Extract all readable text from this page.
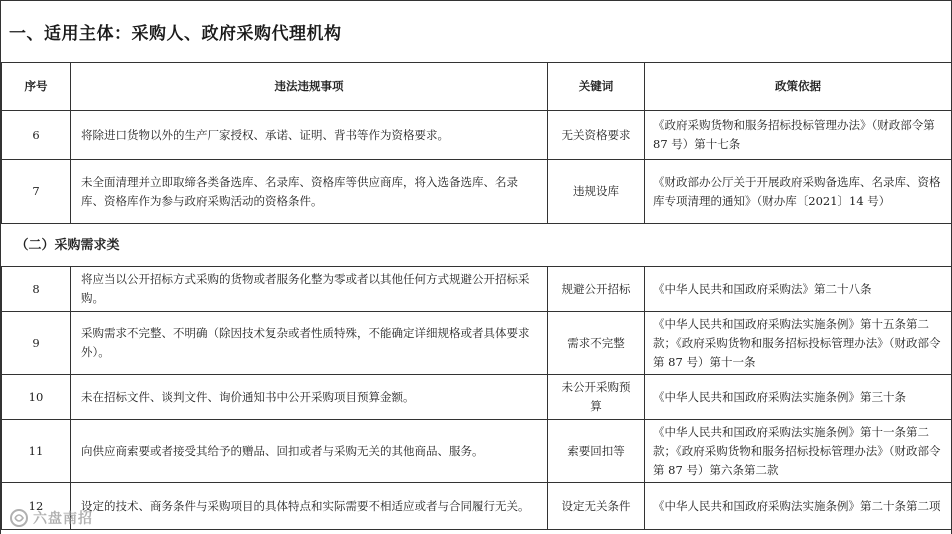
一、适用主体：采购人、政府采购代理机构
序号	违法违规事项	关键词	政策依据
6	将除进口货物以外的生产厂家授权、承诺、证明、背书等作为资格要求。	无关资格要求	《政府采购货物和服务招标投标管理办法》（财政部令第 87 号）第十七条
7	未全面清理并立即取缔各类备选库、名录库、资格库等供应商库，将入选备选库、名录库、资格库作为参与政府采购活动的资格条件。	违规设库	《财政部办公厅关于开展政府采购备选库、名录库、资格库专项清理的通知》（财办库〔2021〕14 号）
（二）采购需求类			
8	将应当以公开招标方式采购的货物或者服务化整为零或者以其他任何方式规避公开招标采购。	规避公开招标	《中华人民共和国政府采购法》第二十八条
9	采购需求不完整、不明确（除因技术复杂或者性质特殊，不能确定详细规格或者具体要求外）。	需求不完整	《中华人民共和国政府采购法实施条例》第十五条第二款；《政府采购货物和服务招标投标管理办法》（财政部令第 87 号）第十一条
10	未在招标文件、谈判文件、询价通知书中公开采购项目预算金额。	未公开采购预算	《中华人民共和国政府采购法实施条例》第三十条
11	向供应商索要或者接受其给予的赠品、回扣或者与采购无关的其他商品、服务。	索要回扣等	《中华人民共和国政府采购法实施条例》第十一条第二款；《政府采购货物和服务招标投标管理办法》（财政部令第 87 号）第六条第二款
12	设定的技术、商务条件与采购项目的具体特点和实际需要不相适应或者与合同履行无关。	设定无关条件	《中华人民共和国政府采购法实施条例》第二十条第二项
六盘南招
